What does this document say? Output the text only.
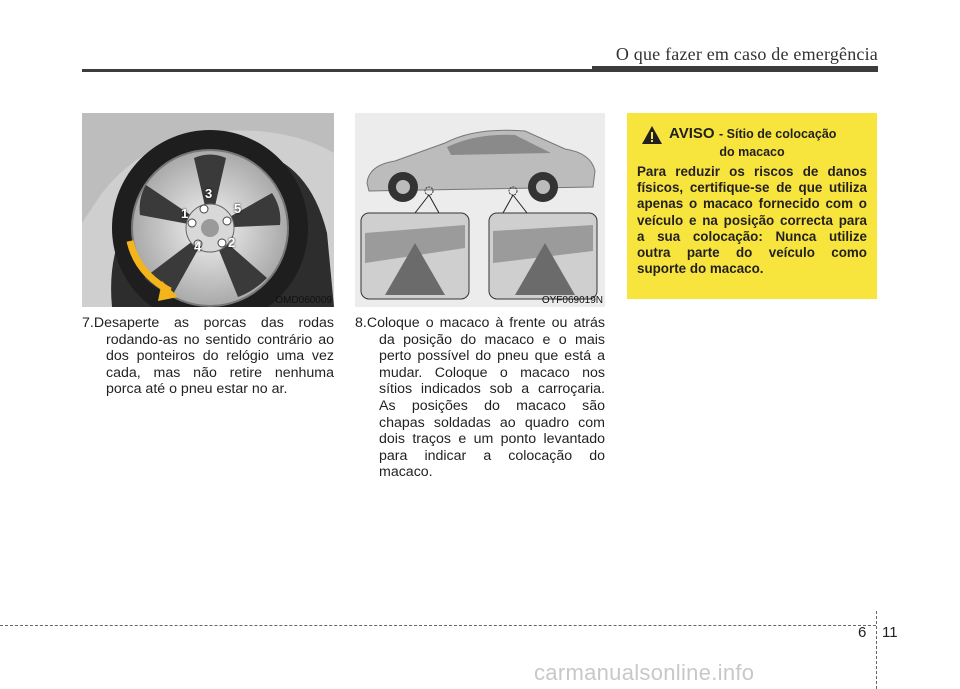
O que fazer em caso de emergência
1
2
3
4
5
OMD060009	OYF069019N

7.Desaperte as porcas das rodas rodando-as no sentido contrário ao dos ponteiros do relógio uma vez cada, mas não retire nenhuma porca até o pneu estar no ar.

8.Coloque o macaco à frente ou atrás da posição do macaco e o mais perto possível do pneu que está a mudar. Coloque o macaco nos sítios indicados sob a carroçaria. As posições do macaco são chapas soldadas ao quadro com dois traços e um ponto levantado para indicar a colocação do macaco.

AVISO - Sítio de colocação
do macaco
Para reduzir os riscos de danos físicos, certifique-se de que utiliza apenas o macaco fornecido com o veículo e na posição correcta para a sua colocação: Nunca utilize outra parte do veículo como suporte do macaco.
6 11
carmanualsonline.info
